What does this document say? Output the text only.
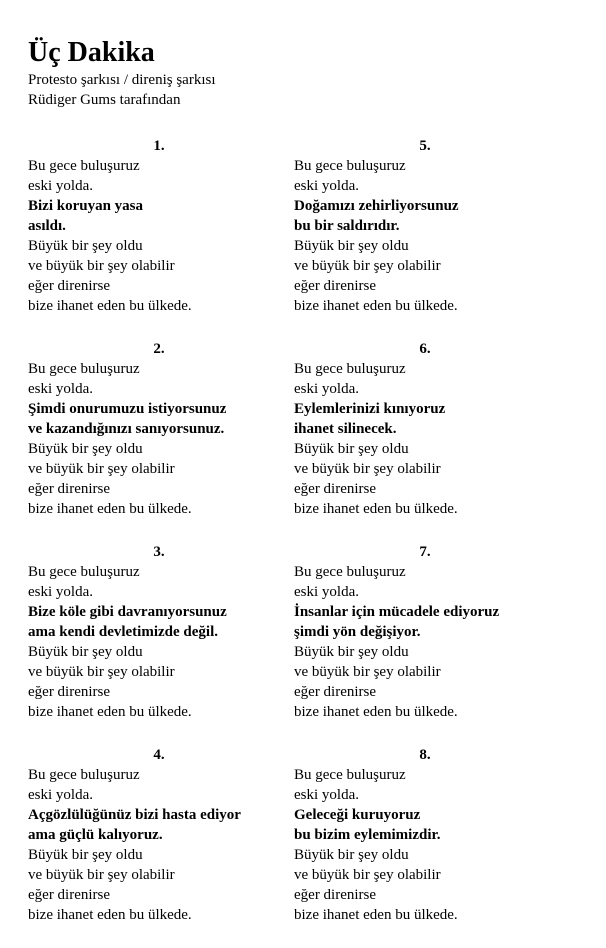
Üç Dakika
Protesto şarkısı / direniş şarkısı
Rüdiger Gums tarafından
1.
Bu gece buluşuruz
eski yolda.
Bizi koruyan yasa
asıldı.
Büyük bir şey oldu
ve büyük bir şey olabilir
eğer direnirse
bize ihanet eden bu ülkede.
2.
Bu gece buluşuruz
eski yolda.
Şimdi onurumuzu istiyorsunuz
ve kazandığınızı sanıyorsunuz.
Büyük bir şey oldu
ve büyük bir şey olabilir
eğer direnirse
bize ihanet eden bu ülkede.
3.
Bu gece buluşuruz
eski yolda.
Bize köle gibi davranıyorsunuz
ama kendi devletimizde değil.
Büyük bir şey oldu
ve büyük bir şey olabilir
eğer direnirse
bize ihanet eden bu ülkede.
4.
Bu gece buluşuruz
eski yolda.
Açgözlülüğünüz bizi hasta ediyor
ama güçlü kalıyoruz.
Büyük bir şey oldu
ve büyük bir şey olabilir
eğer direnirse
bize ihanet eden bu ülkede.
5.
Bu gece buluşuruz
eski yolda.
Doğamızı zehirliyorsunuz
bu bir saldırıdır.
Büyük bir şey oldu
ve büyük bir şey olabilir
eğer direnirse
bize ihanet eden bu ülkede.
6.
Bu gece buluşuruz
eski yolda.
Eylemlerinizi kınıyoruz
ihanet silinecek.
Büyük bir şey oldu
ve büyük bir şey olabilir
eğer direnirse
bize ihanet eden bu ülkede.
7.
Bu gece buluşuruz
eski yolda.
İnsanlar için mücadele ediyoruz
şimdi yön değişiyor.
Büyük bir şey oldu
ve büyük bir şey olabilir
eğer direnirse
bize ihanet eden bu ülkede.
8.
Bu gece buluşuruz
eski yolda.
Geleceği kuruyoruz
bu bizim eylemimizdir.
Büyük bir şey oldu
ve büyük bir şey olabilir
eğer direnirse
bize ihanet eden bu ülkede.
